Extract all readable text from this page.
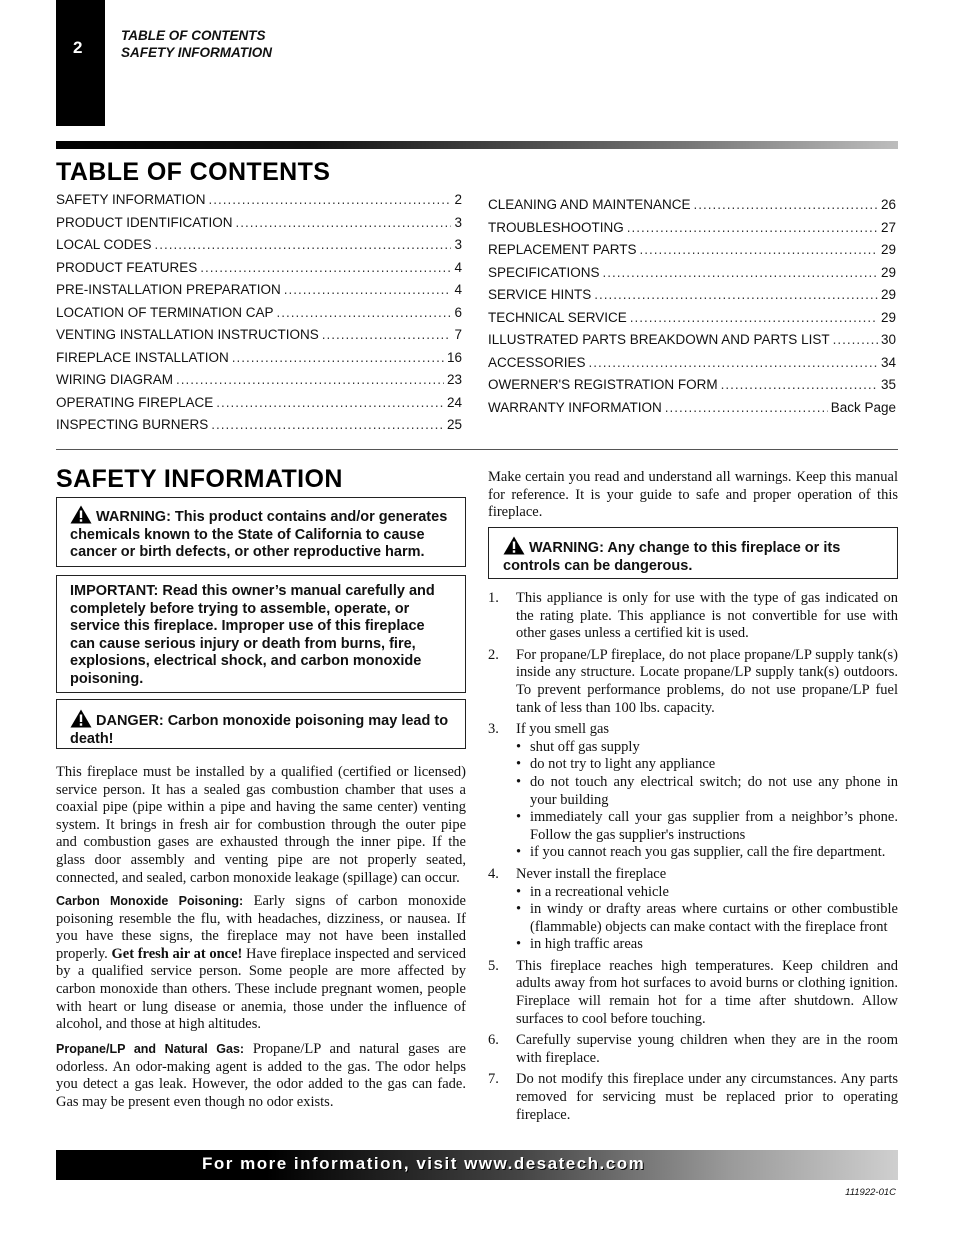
2
TABLE OF CONTENTS
SAFETY INFORMATION
TABLE OF CONTENTS
SAFETY INFORMATION .....	2
PRODUCT IDENTIFICATION .....	3
LOCAL CODES .....	3
PRODUCT FEATURES .....	4
PRE-INSTALLATION PREPARATION .....	4
LOCATION OF TERMINATION CAP .....	6
VENTING INSTALLATION INSTRUCTIONS .....	7
FIREPLACE INSTALLATION .....	16
WIRING DIAGRAM .....	23
OPERATING FIREPLACE .....	24
INSPECTING BURNERS .....	25
CLEANING AND MAINTENANCE .....	26
TROUBLESHOOTING .....	27
REPLACEMENT PARTS .....	29
SPECIFICATIONS .....	29
SERVICE HINTS .....	29
TECHNICAL SERVICE .....	29
ILLUSTRATED PARTS BREAKDOWN AND PARTS LIST .....	30
ACCESSORIES .....	34
OWERNER'S REGISTRATION FORM .....	35
WARRANTY INFORMATION .....	Back Page
SAFETY INFORMATION
WARNING: This product contains and/or generates chemicals known to the State of California to cause cancer or birth defects, or other reproductive harm.
IMPORTANT: Read this owner’s manual carefully and completely before trying to assemble, operate, or service this fireplace. Improper use of this fireplace can cause serious injury or death from burns, fire, explosions, electrical shock, and carbon monoxide poisoning.
DANGER: Carbon monoxide poisoning may lead to death!
This fireplace must be installed by a qualified (certified or licensed) service person. It has a sealed gas combustion chamber that uses a coaxial pipe (pipe within a pipe and having the same center) venting system. It brings in fresh air for combustion through the outer pipe and combustion gases are exhausted through the inner pipe. If the glass door assembly and venting pipe are not properly seated, connected, and sealed, carbon monoxide leakage (spillage) can occur.
Carbon Monoxide Poisoning: Early signs of carbon monoxide poisoning resemble the flu, with headaches, dizziness, or nausea. If you have these signs, the fireplace may not have been installed properly. Get fresh air at once! Have fireplace inspected and serviced by a qualified service person. Some people are more affected by carbon monoxide than others. These include pregnant women, people with heart or lung disease or anemia, those under the influence of alcohol, and those at high altitudes.
Propane/LP and Natural Gas: Propane/LP and natural gases are odorless. An odor-making agent is added to the gas. The odor helps you detect a gas leak. However, the odor added to the gas can fade. Gas may be present even though no odor exists.
Make certain you read and understand all warnings. Keep this manual for reference. It is your guide to safe and proper operation of this fireplace.
WARNING: Any change to this fireplace or its controls can be dangerous.
1.	This appliance is only for use with the type of gas indicated on the rating plate. This appliance is not convertible for use with other gases unless a certified kit is used.
2.	For propane/LP fireplace, do not place propane/LP supply tank(s) inside any structure. Locate propane/LP supply tank(s) outdoors. To prevent performance problems, do not use propane/LP fuel tank of less than 100 lbs. capacity.
3.	If you smell gas
• shut off gas supply
• do not try to light any appliance
• do not touch any electrical switch; do not use any phone in your building
• immediately call your gas supplier from a neighbor’s phone. Follow the gas supplier's instructions
• if you cannot reach you gas supplier, call the fire department.
4.	Never install the fireplace
• in a recreational vehicle
• in windy or drafty areas where curtains or other combustible (flammable) objects can make contact with the fireplace front
• in high traffic areas
5.	This fireplace reaches high temperatures. Keep children and adults away from hot surfaces to avoid burns or clothing ignition. Fireplace will remain hot for a time after shutdown. Allow surfaces to cool before touching.
6.	Carefully supervise young children when they are in the room with fireplace.
7.	Do not modify this fireplace under any circumstances. Any parts removed for servicing must be replaced prior to operating fireplace.
For more information, visit www.desatech.com
111922-01C
